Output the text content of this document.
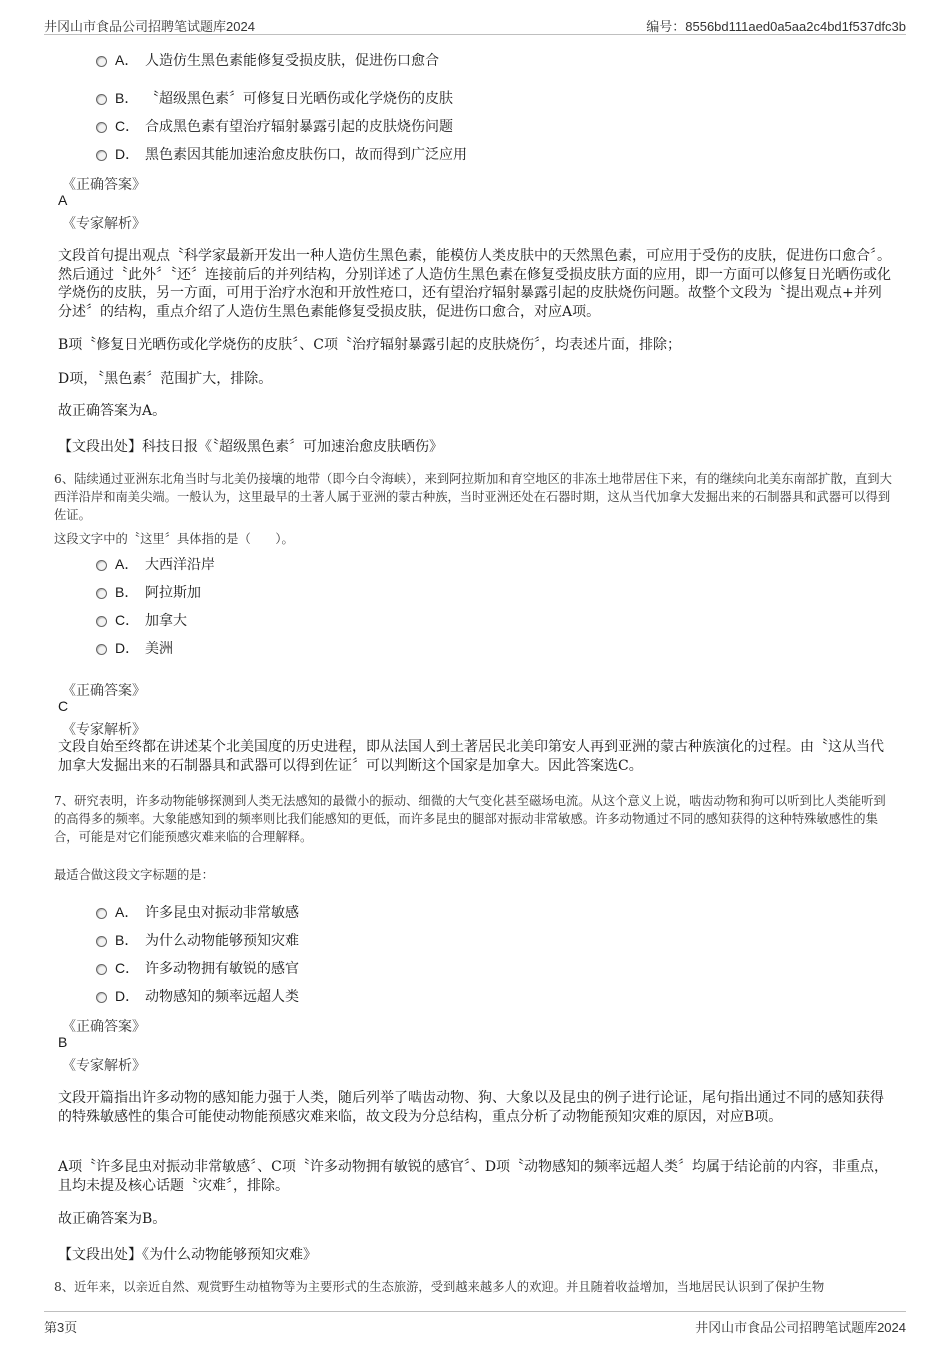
井冈山市食品公司招聘笔试题库2024	编号：8556bd111aed0a5aa2c4bd1f537dfc3b
A． 人造仿生黑色素能修复受损皮肤，促进伤口愈合
B． 〝超级黑色素〞可修复日光晒伤或化学烧伤的皮肤
C． 合成黑色素有望治疗辐射暴露引起的皮肤烧伤问题
D． 黑色素因其能加速治愈皮肤伤口，故而得到广泛应用
《正确答案》
A
《专家解析》
文段首句提出观点〝科学家最新开发出一种人造仿生黑色素，能模仿人类皮肤中的天然黑色素，可应用于受伤的皮肤，促进伤口愈合〞。然后通过〝此外〞〝还〞连接前后的并列结构，分别详述了人造仿生黑色素在修复受损皮肤方面的应用，即一方面可以修复日光晒伤或化学烧伤的皮肤，另一方面，可用于治疗水泡和开放性疮口，还有望治疗辐射暴露引起的皮肤烧伤问题。故整个文段为〝提出观点+并列分述〞的结构，重点介绍了人造仿生黑色素能修复受损皮肤，促进伤口愈合，对应A项。
B项〝修复日光晒伤或化学烧伤的皮肤〞、C项〝治疗辐射暴露引起的皮肤烧伤〞，均表述片面，排除；
D项，〝黑色素〞范围扩大，排除。
故正确答案为A。
【文段出处】科技日报《〝超级黑色素〞可加速治愈皮肤晒伤》
6、陆续通过亚洲东北角当时与北美仍接壤的地带（即今白令海峡），来到阿拉斯加和育空地区的非冻土地带居住下来，有的继续向北美东南部扩散，直到大西洋沿岸和南美尖端。一般认为，这里最早的土著人属于亚洲的蒙古种族，当时亚洲还处在石器时期，这从当代加拿大发掘出来的石制器具和武器可以得到佐证。
这段文字中的〝这里〞具体指的是（　　）。
A． 大西洋沿岸
B． 阿拉斯加
C． 加拿大
D． 美洲
《正确答案》
C
《专家解析》
文段自始至终都在讲述某个北美国度的历史进程，即从法国人到土著居民北美印第安人再到亚洲的蒙古种族演化的过程。由〝这从当代加拿大发掘出来的石制器具和武器可以得到佐证〞可以判断这个国家是加拿大。因此答案选C。
7、研究表明，许多动物能够探测到人类无法感知的最微小的振动、细微的大气变化甚至磁场电流。从这个意义上说，啮齿动物和狗可以听到比人类能听到的高得多的频率。大象能感知到的频率则比我们能感知的更低，而许多昆虫的腿部对振动非常敏感。许多动物通过不同的感知获得的这种特殊敏感性的集合，可能是对它们能预感灾难来临的合理解释。
最适合做这段文字标题的是：
A． 许多昆虫对振动非常敏感
B． 为什么动物能够预知灾难
C． 许多动物拥有敏锐的感官
D． 动物感知的频率远超人类
《正确答案》
B
《专家解析》
文段开篇指出许多动物的感知能力强于人类，随后列举了啮齿动物、狗、大象以及昆虫的例子进行论证，尾句指出通过不同的感知获得的特殊敏感性的集合可能使动物能预感灾难来临，故文段为分总结构，重点分析了动物能预知灾难的原因，对应B项。
A项〝许多昆虫对振动非常敏感〞、C项〝许多动物拥有敏锐的感官〞、D项〝动物感知的频率远超人类〞均属于结论前的内容，非重点，且均未提及核心话题〝灾难〞，排除。
故正确答案为B。
【文段出处】《为什么动物能够预知灾难》
8、近年来，以亲近自然、观赏野生动植物等为主要形式的生态旅游，受到越来越多人的欢迎。并且随着收益增加，当地居民认识到了保护生物
第3页	井冈山市食品公司招聘笔试题库2024
